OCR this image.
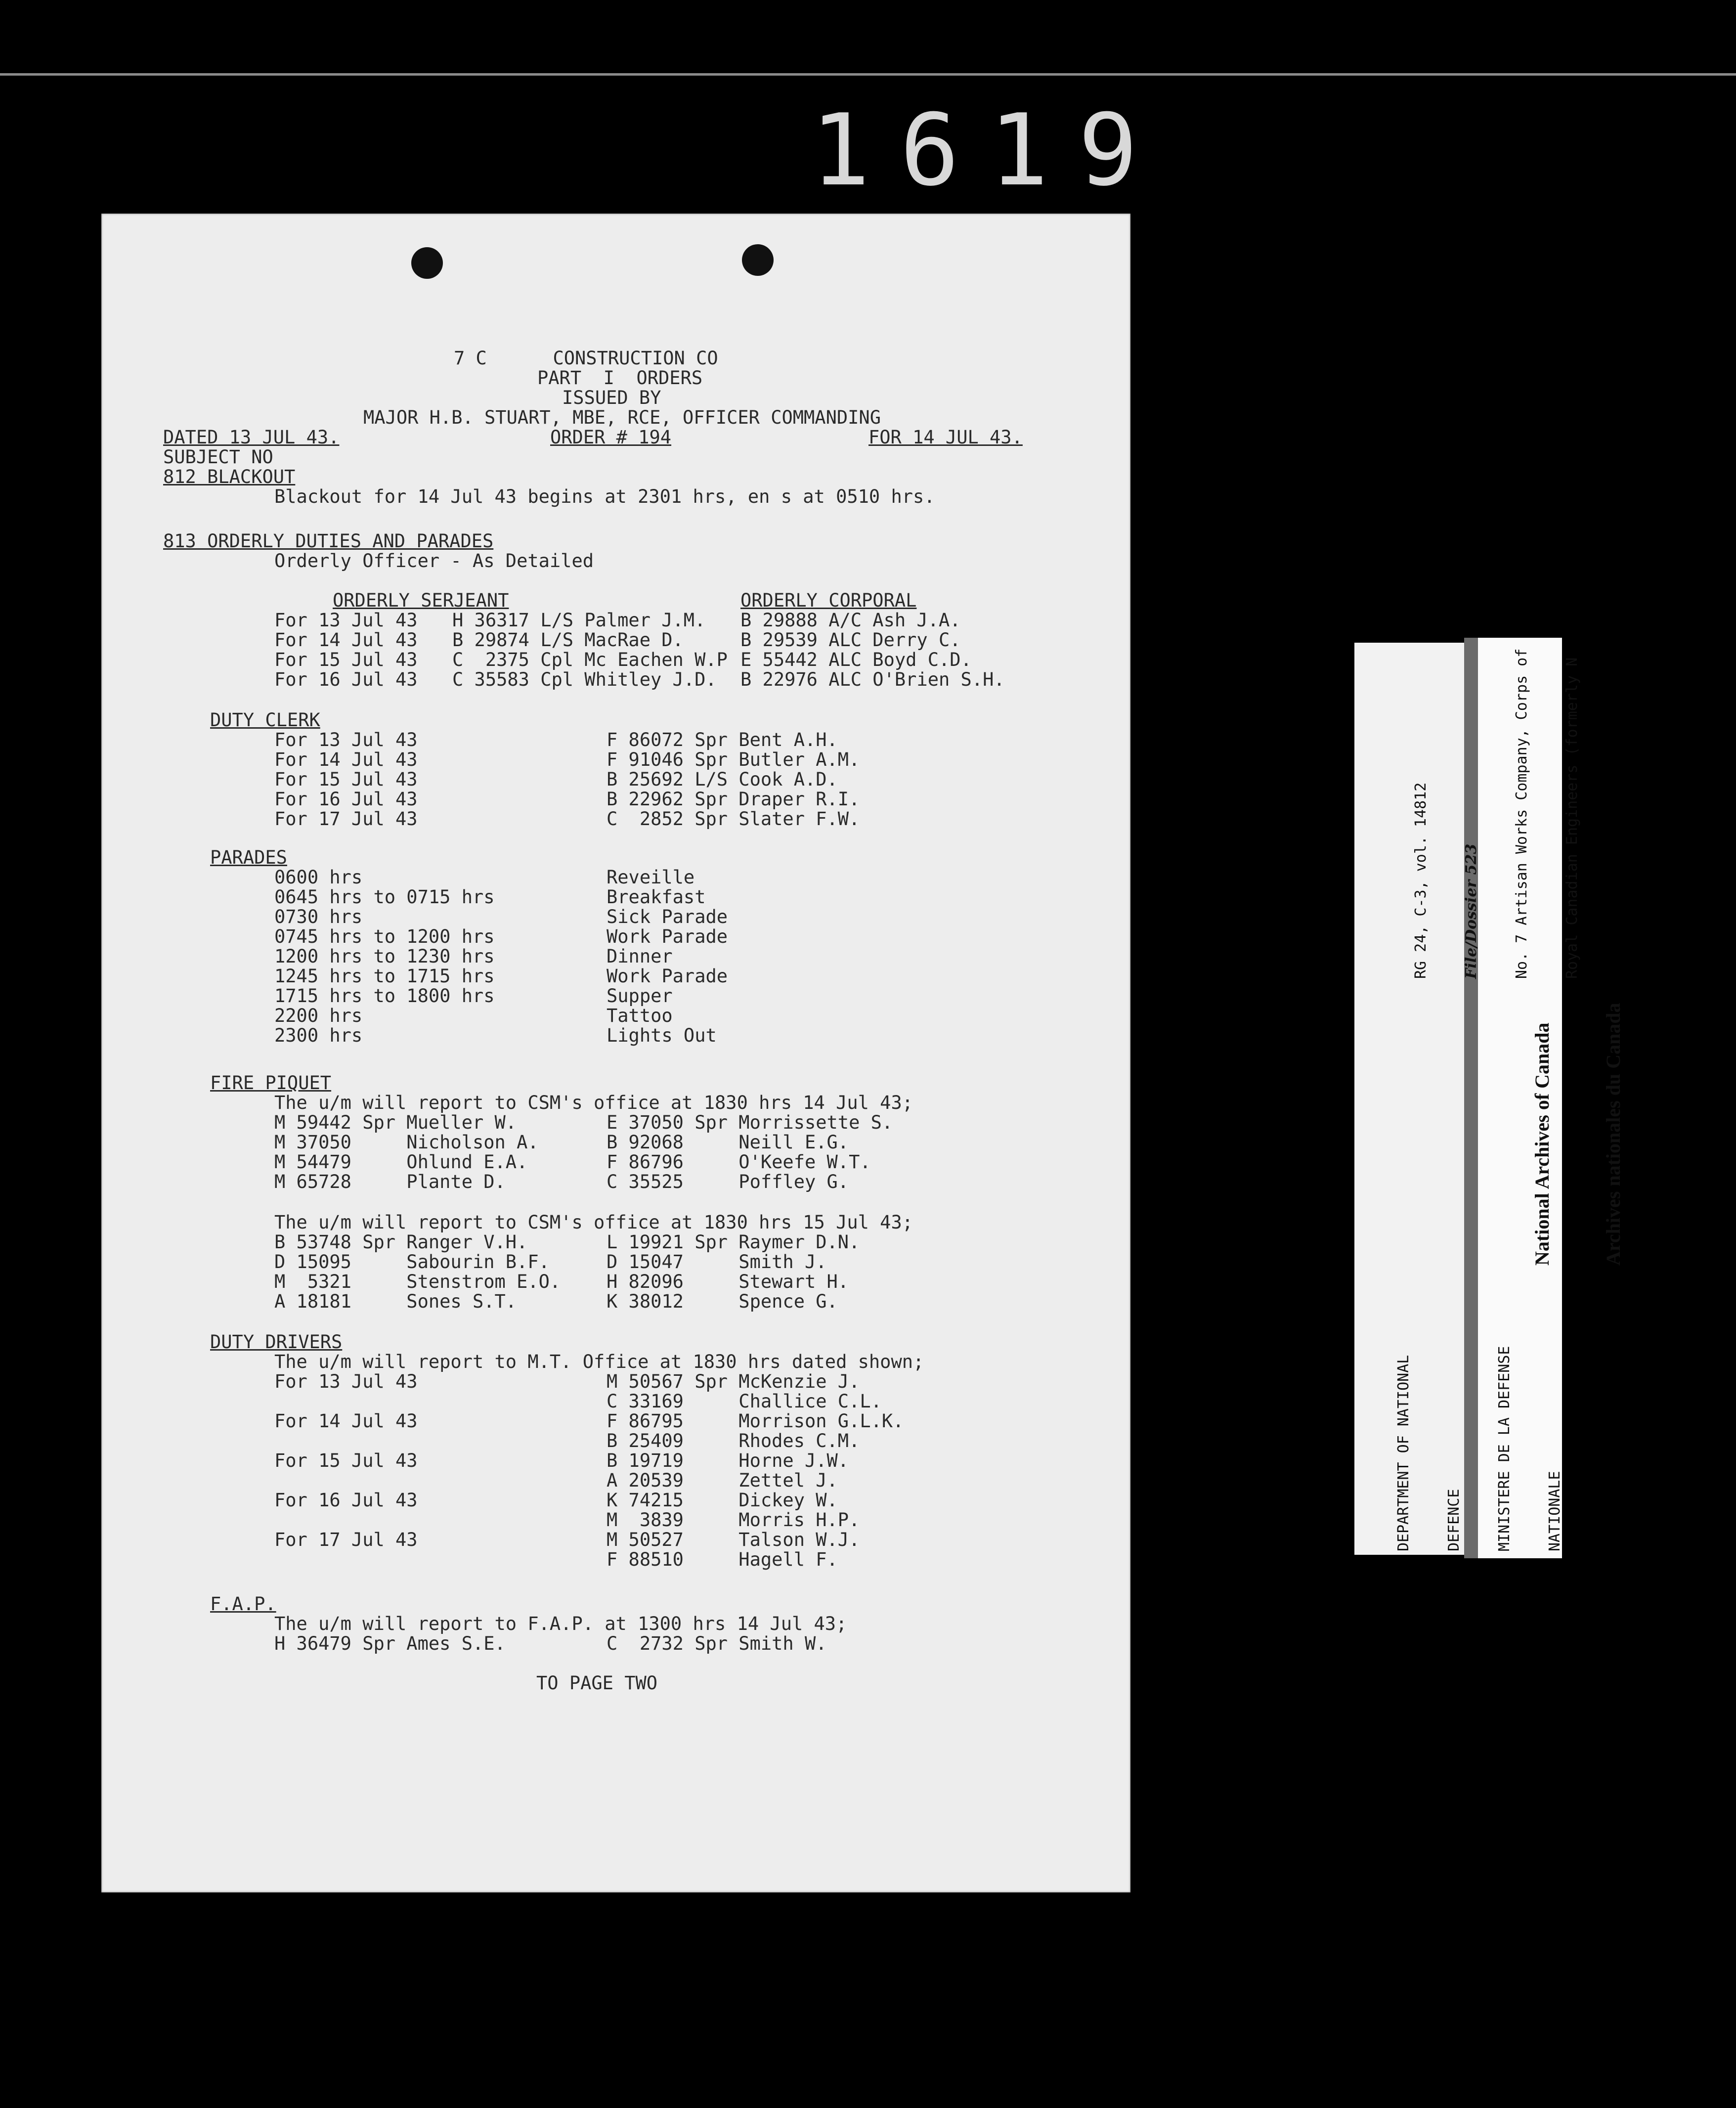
1619
7 C      CONSTRUCTION CO
PART  I  ORDERS
ISSUED BY
MAJOR H.B. STUART, MBE, RCE, OFFICER COMMANDING
DATED 13 JUL 43.	ORDER # 194	FOR 14 JUL 43.
SUBJECT NO
812 BLACKOUT
Blackout for 14 Jul 43 begins at 2301 hrs, en s at 0510 hrs.
813 ORDERLY DUTIES AND PARADES
Orderly Officer - As Detailed
ORDERLY SERJEANT	ORDERLY CORPORAL
For 13 Jul 43 H 36317 L/S Palmer J.M. B 29888 A/C Ash J.A.
For 14 Jul 43 B 29874 L/S MacRae D.	B 29539 ALC Derry C.
For 15 Jul 43 C  2375 Cpl Mc Eachen W.P E 55442 ALC Boyd C.D.
For 16 Jul 43 C 35583 Cpl Whitley J.D. B 22976 ALC O'Brien S.H.
DUTY CLERK
For 13 Jul 43	F 86072 Spr Bent A.H.
For 14 Jul 43	F 91046 Spr Butler A.M.
For 15 Jul 43	B 25692 L/S Cook A.D.
For 16 Jul 43	B 22962 Spr Draper R.I.
For 17 Jul 43	C  2852 Spr Slater F.W.
PARADES
0600 hrs	Reveille
0645 hrs to 0715 hrs	Breakfast
0730 hrs	Sick Parade
0745 hrs to 1200 hrs	Work Parade
1200 hrs to 1230 hrs	Dinner
1245 hrs to 1715 hrs	Work Parade
1715 hrs to 1800 hrs	Supper
2200 hrs	Tattoo
2300 hrs	Lights Out
FIRE PIQUET
The u/m will report to CSM's office at 1830 hrs 14 Jul 43;
M 59442 Spr Mueller W.	E 37050 Spr Morrissette S.
M 37050     Nicholson A.	B 92068     Neill E.G.
M 54479     Ohlund E.A.	F 86796     O'Keefe W.T.
M 65728     Plante D.	C 35525     Poffley G.
The u/m will report to CSM's office at 1830 hrs 15 Jul 43;
B 53748 Spr Ranger V.H.	L 19921 Spr Raymer D.N.
D 15095     Sabourin B.F.	D 15047     Smith J.
M  5321     Stenstrom E.O.	H 82096     Stewart H.
A 18181     Sones S.T.	K 38012     Spence G.
DUTY DRIVERS
The u/m will report to M.T. Office at 1830 hrs dated shown;
For 13 Jul 43	M 50567 Spr McKenzie J.
C 33169     Challice C.L.
For 14 Jul 43	F 86795     Morrison G.L.K.
B 25409     Rhodes C.M.
For 15 Jul 43	B 19719     Horne J.W.
A 20539     Zettel J.
For 16 Jul 43	K 74215     Dickey W.
M  3839     Morris H.P.
For 17 Jul 43	M 50527     Talson W.J.
F 88510     Hagell F.
F.A.P.
The u/m will report to F.A.P. at 1300 hrs 14 Jul 43;
H 36479 Spr Ames S.E.	C  2732 Spr Smith W.
TO PAGE TWO

DEPARTMENT OF NATIONAL

DEFENCE

MINISTERE DE LA DEFENSE

NATIONALE

RG 24, C-3, vol. 14812

File/Dossier 523

No. 7 Artisan Works Company, Corps of

Royal Canadian Engineers (formerly N

National Archives of Canada

Archives nationales du Canada
